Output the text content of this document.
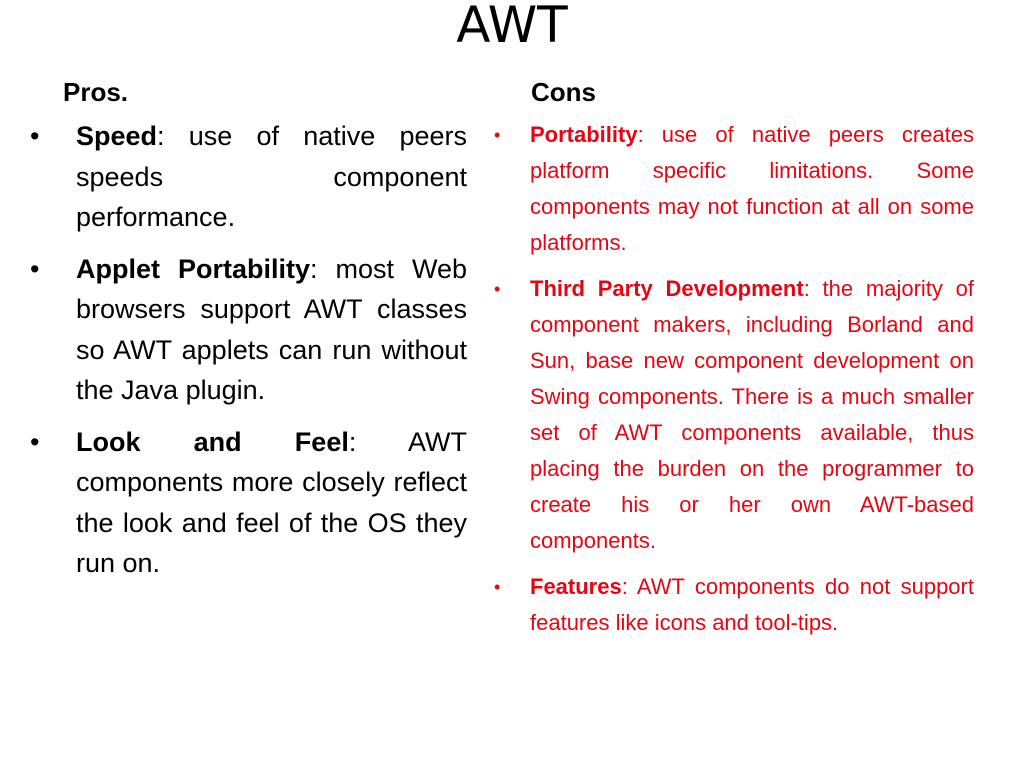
AWT
Pros.	Cons
• Speed: use of native peers speeds component performance.
• Applet Portability: most Web browsers support AWT classes so AWT applets can run without the Java plugin.
• Look and Feel: AWT components more closely reflect the look and feel of the OS they run on.
• Portability: use of native peers creates platform specific limitations. Some components may not function at all on some platforms.
• Third Party Development: the majority of component makers, including Borland and Sun, base new component development on Swing components. There is a much smaller set of AWT components available, thus placing the burden on the programmer to create his or her own AWT-based components.
• Features: AWT components do not support features like icons and tool-tips.
